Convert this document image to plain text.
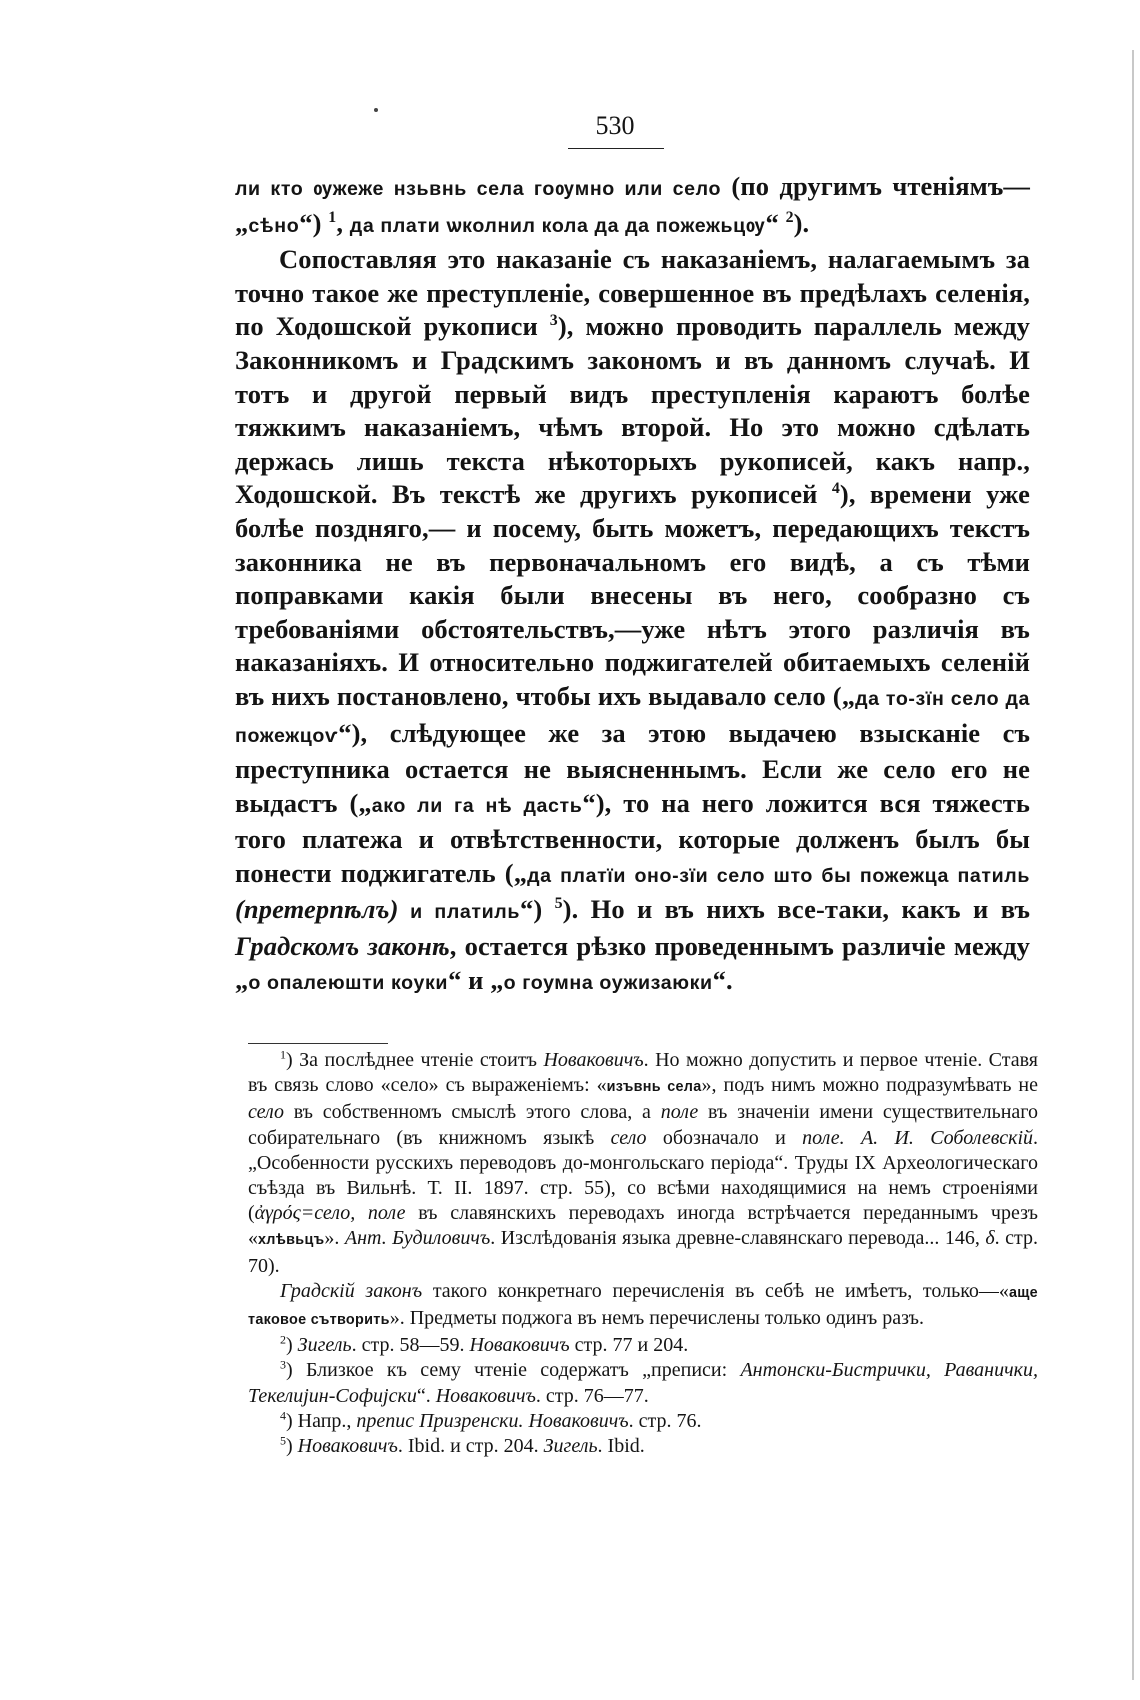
530

ли кто ѹжеже нзьвнь села гоѹмно или село (по другимъ чтеніямъ—„сѣно“) $^1$, да плати ѡколнил кола да да пожежьцѹ“ $^2$).

Сопоставляя это наказаніе съ наказаніемъ, налагаемымъ за точно такое же преступленіе, совершенное въ предѣлахъ селенія, по Ходошской рукописи $^3$), можно проводить параллель между Законникомъ и Градскимъ закономъ и въ данномъ случаѣ. И тотъ и другой первый видъ преступленія караютъ болѣе тяжкимъ наказаніемъ, чѣмъ второй. Но это можно сдѣлать держась лишь текста нѣкоторыхъ рукописей, какъ напр., Ходошской. Въ текстѣ же другихъ рукописей $^4$), времени уже болѣе поздняго,— и посему, быть можетъ, передающихъ текстъ законника не въ первоначальномъ его видѣ, а съ тѣми поправками какія были внесены въ него, сообразно съ требованіями обстоятельствъ,—уже нѣтъ этого различія въ наказаніяхъ. И относительно поджигателей обитаемыхъ селеній въ нихъ постановлено, чтобы ихъ выдавало село („да то-зїн село да пожежцоѵ“), слѣдующее же за этою выдачею взысканіе съ преступника остается не выясненнымъ. Если же село его не выдастъ („ако ли га нѣ дасть“), то на него ложится вся тяжесть того платежа и отвѣтственности, которые долженъ былъ бы понести поджигатель („да платїи оно-зїи село што бы пожежца патиль (претерпѣлъ) и платиль“) $^5$). Но и въ нихъ все-таки, какъ и въ Градскомъ законѣ, остается рѣзко проведеннымъ различіе между „о опалеюшти коуки“ и „о гоумна оужизаюки“.

$^1$) За послѣднее чтеніе стоитъ Новаковичъ. Но можно допустить и первое чтеніе. Ставя въ связь слово «село» съ выраженіемъ: «изъвнь села», подъ нимъ можно подразумѣвать не село въ собственномъ смыслѣ этого слова, а поле въ значеніи имени существительнаго собирательнаго (въ книжномъ языкѣ село обозначало и поле. А. И. Соболевскій. „Особенности русскихъ переводовъ до-монгольскаго періода“. Труды IX Археологическаго съѣзда въ Вильнѣ. Т. II. 1897. стр. 55), со всѣми находящимися на немъ строеніями (ἀγρός=село, поле въ славянскихъ переводахъ иногда встрѣчается переданнымъ чрезъ «хлѣвьцъ». Ант. Будиловичъ. Изслѣдованія языка древне-славянскаго перевода... 146, δ. стр. 70).

Градскій законъ такого конкретнаго перечисленія въ себѣ не имѣетъ, только—«аще таковое сътворить». Предметы поджога въ немъ перечислены только одинъ разъ.

$^2$) Зигель. стр. 58—59. Новаковичъ стр. 77 и 204.

$^3$) Близкое къ сему чтеніе содержатъ „преписи: Антонски-Бистрички, Раванички, Текелиjин-Софиjски“. Новаковичъ. стр. 76—77.

$^4$) Напр., препис Призренски. Новаковичъ. стр. 76.

$^5$) Новаковичъ. Ibid. и стр. 204. Зигель. Ibid.
